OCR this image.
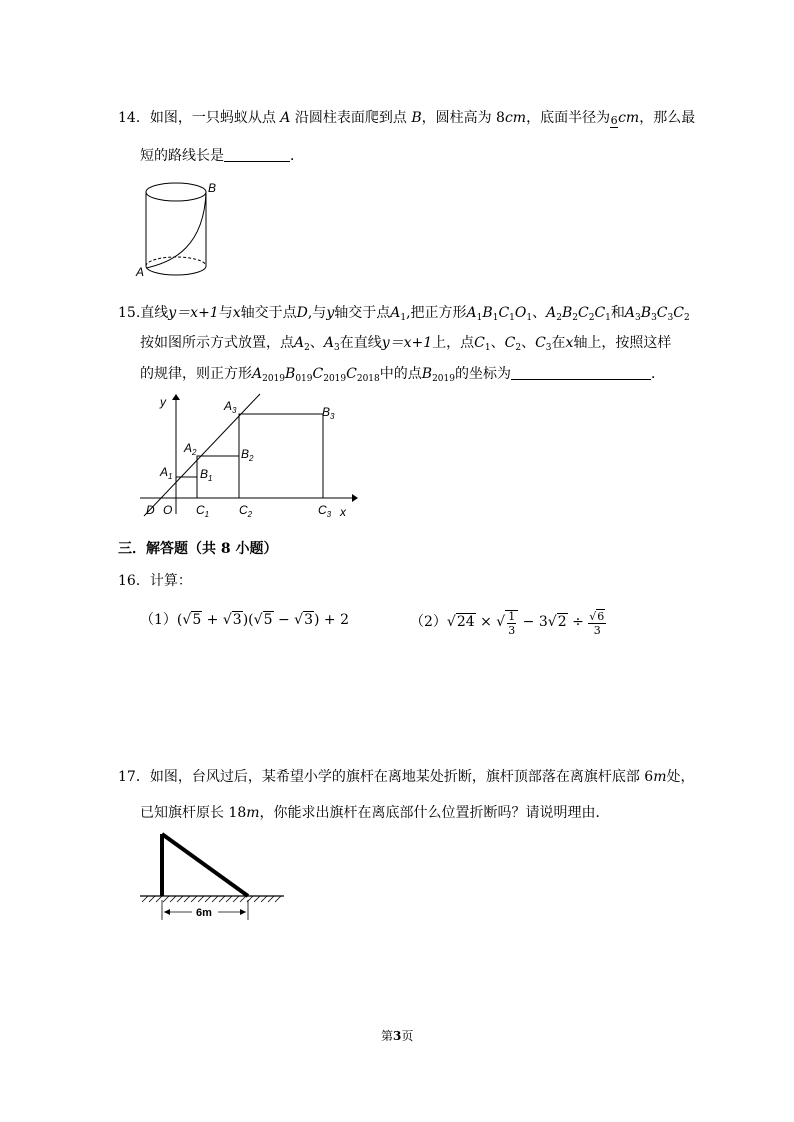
14．如图，一只蚂蚁从点 A 沿圆柱表面爬到点 B，圆柱高为 8cm，底面半径为 6 cm，那么最
短的路线长是	．
B
A
15.直线y＝x+1与x轴交于点D,与y轴交于点$A_1$,把正方形$A_1B_1C_1O_1$、$A_2B_2C_2C_1$和$A_3B_3C_3C_2$
按如图所示方式放置，点$A_2$、$A_3$在直线y＝x+1上，点$C_1$、$C_2$、$C_3$在x轴上，按照这样
的规律，则正方形$A_{2019}B_{019}C_{2019}C_{2018}$中的点$B_{2019}$的坐标为	．
y
x
D O
$A_1$ $B_1$
$C_1$
$A_2$	$B_2$
$C_2$
$A_3$	$B_3$
$C_3$
三．解答题（共 8 小题）
16．计算：
（1）(√5 + √3)(√5 − √3) + 2	（2）√24 × √ $\frac{1}{3} - 3√2 \div \frac{√6}{3}$
17．如图，台风过后，某希望小学的旗杆在离地某处折断，旗杆顶部落在离旗杆底部 6m处，
已知旗杆原长 18m，你能求出旗杆在离底部什么位置折断吗？请说明理由．
6m
第3页
